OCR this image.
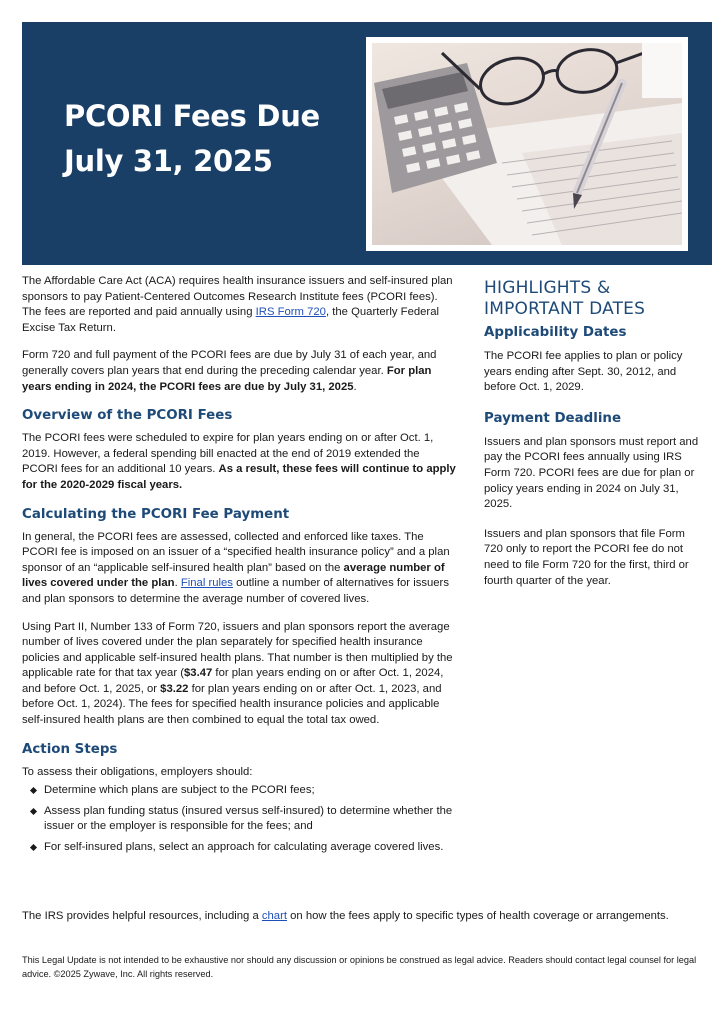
PCORI Fees Due
July 31, 2025

The Affordable Care Act (ACA) requires health insurance issuers and self-insured plan sponsors to pay Patient-Centered Outcomes Research Institute fees (PCORI fees). The fees are reported and paid annually using IRS Form 720, the Quarterly Federal Excise Tax Return.

Form 720 and full payment of the PCORI fees are due by July 31 of each year, and generally covers plan years that end during the preceding calendar year. For plan years ending in 2024, the PCORI fees are due by July 31, 2025.

Overview of the PCORI Fees

The PCORI fees were scheduled to expire for plan years ending on or after Oct. 1, 2019. However, a federal spending bill enacted at the end of 2019 extended the PCORI fees for an additional 10 years. As a result, these fees will continue to apply for the 2020-2029 fiscal years.

Calculating the PCORI Fee Payment

In general, the PCORI fees are assessed, collected and enforced like taxes. The PCORI fee is imposed on an issuer of a “specified health insurance policy” and a plan sponsor of an “applicable self-insured health plan” based on the average number of lives covered under the plan. Final rules outline a number of alternatives for issuers and plan sponsors to determine the average number of covered lives.

Using Part II, Number 133 of Form 720, issuers and plan sponsors report the average number of lives covered under the plan separately for specified health insurance policies and applicable self-insured health plans. That number is then multiplied by the applicable rate for that tax year ($3.47 for plan years ending on or after Oct. 1, 2024, and before Oct. 1, 2025, or $3.22 for plan years ending on or after Oct. 1, 2023, and before Oct. 1, 2024). The fees for specified health insurance policies and applicable self-insured health plans are then combined to equal the total tax owed.

Action Steps

To assess their obligations, employers should:

Determine which plans are subject to the PCORI fees;
Assess plan funding status (insured versus self-insured) to determine whether the issuer or the employer is responsible for the fees; and
For self-insured plans, select an approach for calculating average covered lives.
HIGHLIGHTS &
IMPORTANT DATES
Applicability Dates

The PCORI fee applies to plan or policy years ending after Sept. 30, 2012, and before Oct. 1, 2029.

Payment Deadline

Issuers and plan sponsors must report and pay the PCORI fees annually using IRS Form 720. PCORI fees are due for plan or policy years ending in 2024 on July 31, 2025.

Issuers and plan sponsors that file Form 720 only to report the PCORI fee do not need to file Form 720 for the first, third or fourth quarter of the year.

The IRS provides helpful resources, including a chart on how the fees apply to specific types of health coverage or arrangements.

This Legal Update is not intended to be exhaustive nor should any discussion or opinions be construed as legal advice. Readers should contact legal counsel for legal advice. ©2025 Zywave, Inc. All rights reserved.
